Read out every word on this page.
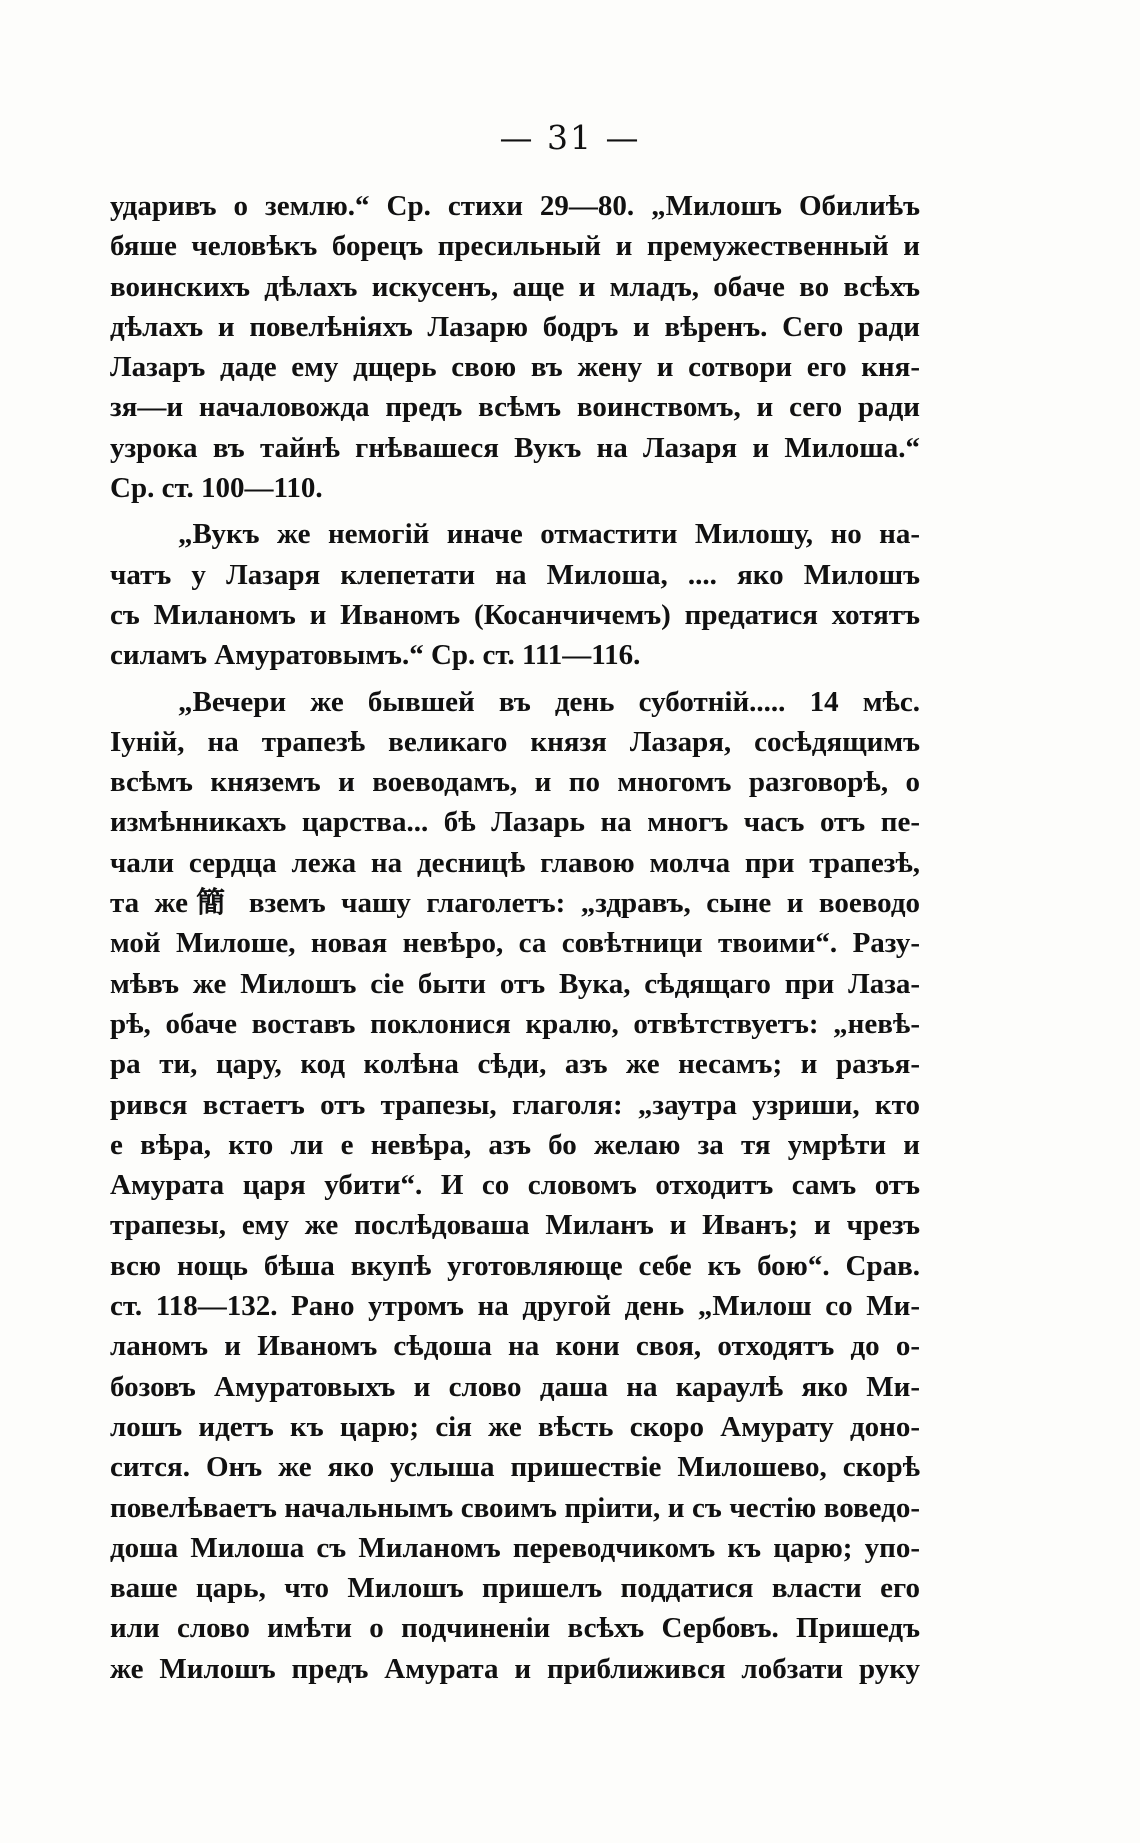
— 31 —
ударивъ о землю.“ Ср. стихи 29—80. „Милошъ Обилиѣъ
бяше человѣкъ борецъ пресильный и премужественный и
воинскихъ дѣлахъ искусенъ, аще и младъ, обаче во всѣхъ
дѣлахъ и повелѣніяхъ Лазарю бодръ и вѣренъ. Сего ради
Лазаръ даде ему дщерь свою въ жену и сотвори его кня-
зя—и началовожда предъ всѣмъ воинствомъ, и сего ради
узрока въ тайнѣ гнѣвашеся Вукъ на Лазаря и Милоша.“
Ср. ст. 100—110.
„Вукъ же немогій иначе отмастити Милошу, но на-
чатъ у Лазаря клепетати на Милоша, .... яко Милошъ
съ Миланомъ и Иваномъ (Косанчичемъ) предатися хотятъ
силамъ Амуратовымъ.“ Ср. ст. 111—116.
„Вечери же бывшей въ день суботній..... 14 мѣс.
Іуній, на трапезѣ великаго князя Лазаря, сосѣдящимъ
всѣмъ княземъ и воеводамъ, и по многомъ разговорѣ, о
измѣнникахъ царства... бѣ Лазарь на многъ часъ отъ пе-
чали сердца лежа на десницѣ главою молча при трапезѣ,
та же簡 вземъ чашу глаголетъ: „здравъ, сыне и воеводо
мой Милоше, новая невѣро, са совѣтници твоими“. Разу-
мѣвъ же Милошъ сіе быти отъ Вука, сѣдящаго при Лаза-
рѣ, обаче воставъ поклонися кралю, отвѣтствуетъ: „невѣ-
ра ти, цару, код колѣна сѣди, азъ же несамъ; и разъя-
рився встаетъ отъ трапезы, глаголя: „заутра узриши, кто
е вѣра, кто ли е невѣра, азъ бо желаю за тя умрѣти и
Амурата царя убити“. И со словомъ отходитъ самъ отъ
трапезы, ему же послѣдоваша Миланъ и Иванъ; и чрезъ
всю нощь бѣша вкупѣ уготовляюще себе къ бою“. Срав.
ст. 118—132. Рано утромъ на другой день „Милош со Ми-
ланомъ и Иваномъ сѣдоша на кони своя, отходятъ до о-
бозовъ Амуратовыхъ и слово даша на караулѣ яко Ми-
лошъ идетъ къ царю; сія же вѣсть скоро Амурату доно-
сится. Онъ же яко услыша пришествіе Милошево, скорѣ
повелѣваетъ начальнымъ своимъ пріити, и съ честію воведо-
доша Милоша съ Миланомъ переводчикомъ къ царю; упо-
ваше царь, что Милошъ пришелъ поддатися власти его
или слово имѣти о подчиненіи всѣхъ Сербовъ. Пришедъ
же Милошъ предъ Амурата и приближився лобзати руку
